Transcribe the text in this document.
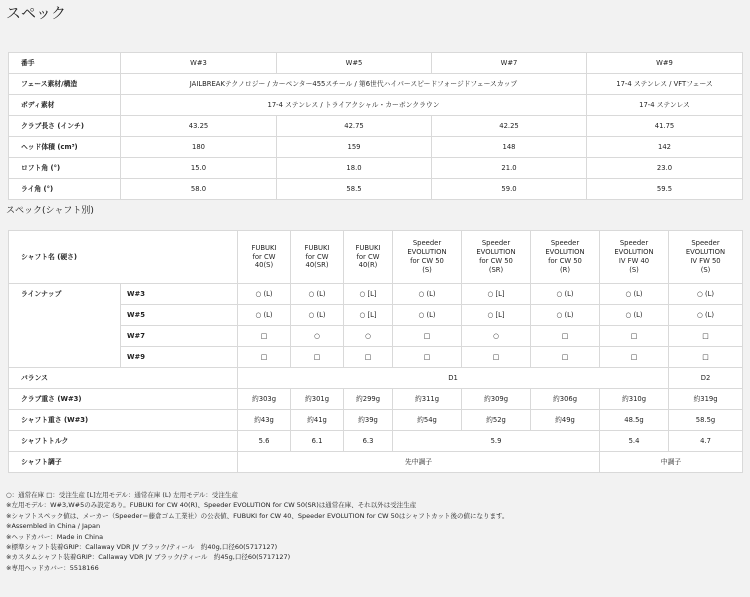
スペック
番手	W#3	W#5	W#7	W#9
フェース素材/構造	JAILBREAKテクノロジー / カーペンター455スチール / 第6世代ハイパースピードフォージドフェースカップ			17-4 ステンレス / VFTフェース
ボディ素材	17-4 ステンレス / トライアクシャル・カーボンクラウン			17-4 ステンレス
クラブ長さ (インチ)	43.25	42.75	42.25	41.75
ヘッド体積 (cm³)	180	159	148	142
ロフト角 (°)	15.0	18.0	21.0	23.0
ライ角 (°)	58.0	58.5	59.0	59.5
スペック(シャフト別)
シャフト名 (硬さ)		FUBUKI
for CW
40(S)	FUBUKI
for CW
40(SR)	FUBUKI
for CW
40(R)	Speeder
EVOLUTION
for CW 50
(S)	Speeder
EVOLUTION
for CW 50
(SR)	Speeder
EVOLUTION
for CW 50
(R)	Speeder
EVOLUTION
IV FW 40
(S)	Speeder
EVOLUTION
IV FW 50
(S)
ラインナップ	W#3	○ (L)	○ (L)	○ [L]	○ (L)	○ [L]	○ (L)	○ (L)	○ (L)
	W#5	○ (L)	○ (L)	○ [L]	○ (L)	○ [L]	○ (L)	○ (L)	○ (L)
	W#7	□	○	○	□	○	□	□	□
	W#9	□	□	□	□	□	□	□	□
バランス		D1							D2
クラブ重さ (W#3)		約303g	約301g	約299g	約311g	約309g	約306g	約310g	約319g
シャフト重さ (W#3)		約43g	約41g	約39g	約54g	約52g	約49g	48.5g	58.5g
シャフトトルク		5.6	6.1	6.3	5.9			5.4	4.7
シャフト調子		先中調子						中調子	
○：通常在庫 □：受注生産 [L]左用モデル：通常在庫 (L) 左用モデル：受注生産
※左用モデル：W#3,W#5のみ設定あり。FUBUKI for CW 40(R)、Speeder EVOLUTION for CW 50(SR)は通常在庫、それ以外は受注生産
※シャフトスペック値は、メーカー（Speeder＝藤倉ゴム工業社）の公表値、FUBUKI for CW 40、Speeder EVOLUTION for CW 50はシャフトカット後の値になります。
※Assembled in China / Japan
※ヘッドカバー：Made in China
※標準シャフト装着GRIP：Callaway VDR JV ブラック/ティール　約40g,口径60(5717127)
※カスタムシャフト装着GRIP：Callaway VDR JV ブラック/ティール　約45g,口径60(5717127)
※専用ヘッドカバー：5518166
